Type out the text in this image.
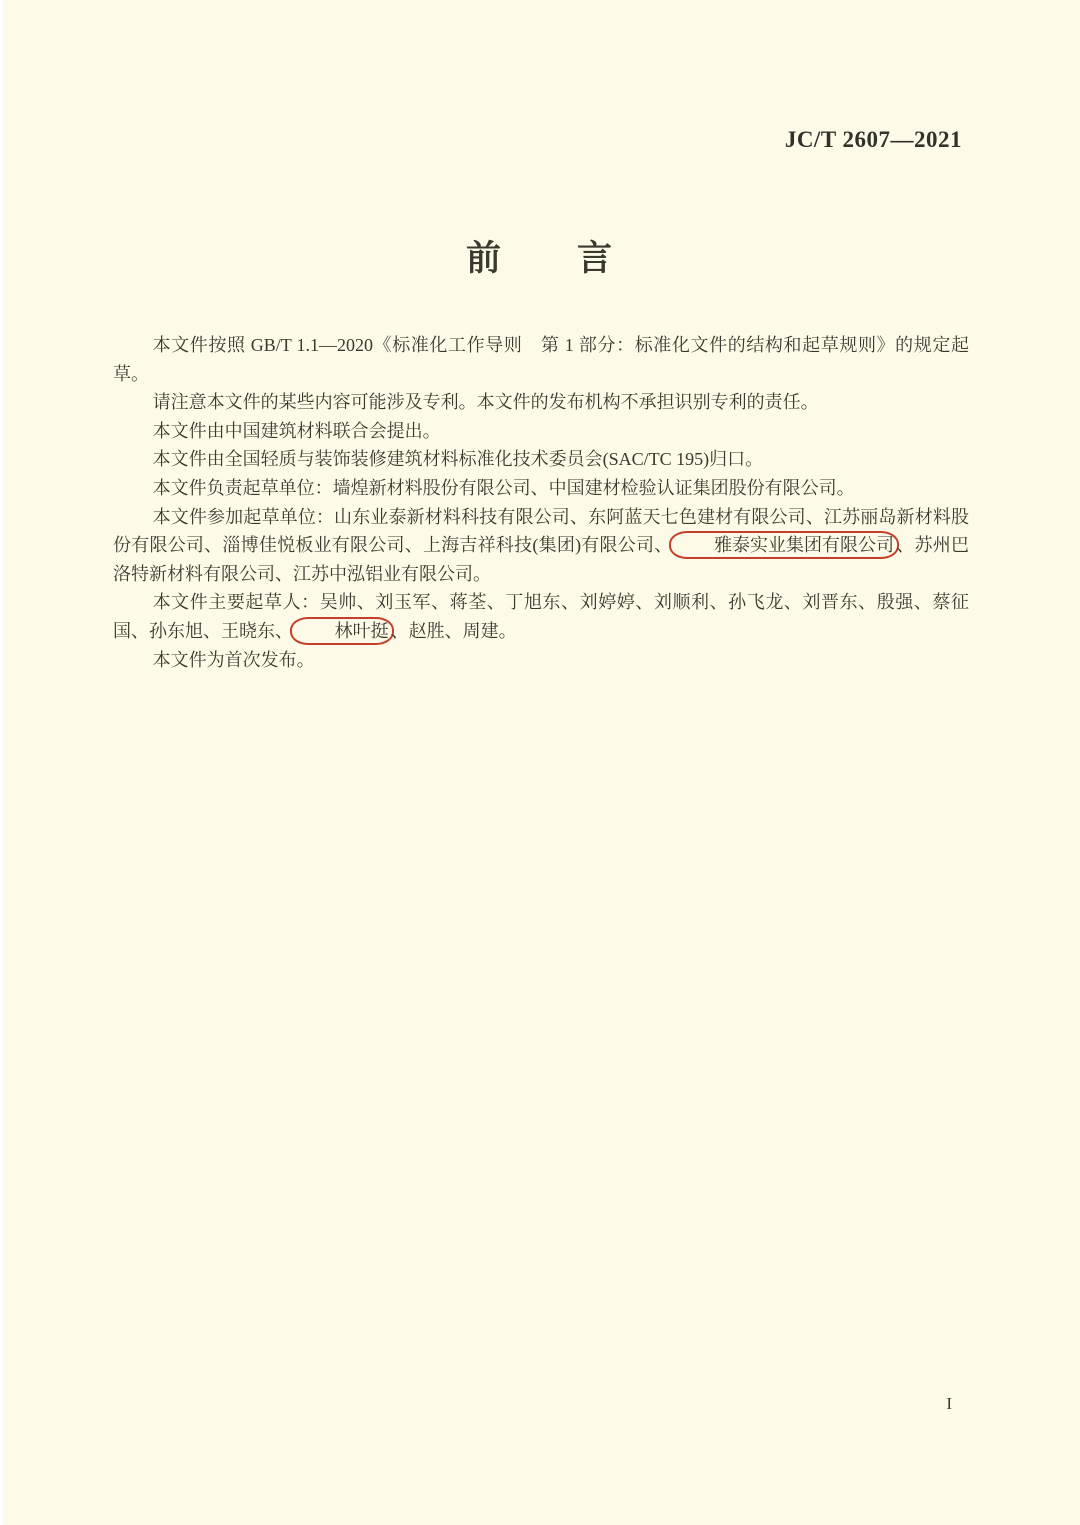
JC/T 2607—2021
前　　言

本文件按照 GB/T 1.1—2020《标准化工作导则　第 1 部分：标准化文件的结构和起草规则》的规定起草。

请注意本文件的某些内容可能涉及专利。本文件的发布机构不承担识别专利的责任。

本文件由中国建筑材料联合会提出。

本文件由全国轻质与装饰装修建筑材料标准化技术委员会(SAC/TC 195)归口。

本文件负责起草单位：墙煌新材料股份有限公司、中国建材检验认证集团股份有限公司。

本文件参加起草单位：山东业泰新材料科技有限公司、东阿蓝天七色建材有限公司、江苏丽岛新材料股份有限公司、淄博佳悦板业有限公司、上海吉祥科技(集团)有限公司、 雅泰实业集团有限公司 、苏州巴洛特新材料有限公司、江苏中泓铝业有限公司。

本文件主要起草人：吴帅、刘玉军、蒋荃、丁旭东、刘婷婷、刘顺利、孙飞龙、刘晋东、殷强、蔡征国、孙东旭、王晓东、 林叶挺 、赵胜、周建。

本文件为首次发布。

I
